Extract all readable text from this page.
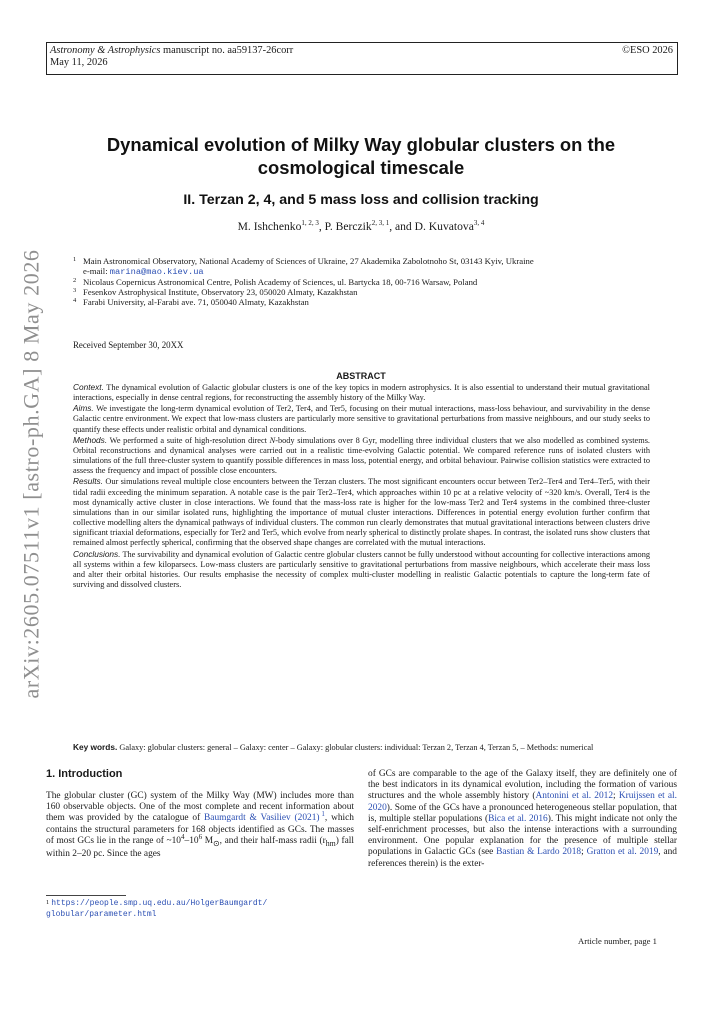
Astronomy & Astrophysics manuscript no. aa59137-26corr
May 11, 2026
©ESO 2026
arXiv:2605.07511v1 [astro-ph.GA] 8 May 2026
Dynamical evolution of Milky Way globular clusters on the
cosmological timescale
II. Terzan 2, 4, and 5 mass loss and collision tracking
M. Ishchenko$^{1, 2, 3}$, P. Berczik$^{2, 3, 1}$, and D. Kuvatova$^{3, 4}$
1 Main Astronomical Observatory, National Academy of Sciences of Ukraine, 27 Akademika Zabolotnoho St, 03143 Kyiv, Ukraine
e-mail: marina@mao.kiev.ua
2 Nicolaus Copernicus Astronomical Centre, Polish Academy of Sciences, ul. Bartycka 18, 00-716 Warsaw, Poland
3 Fesenkov Astrophysical Institute, Observatory 23, 050020 Almaty, Kazakhstan
4 Farabi University, al-Farabi ave. 71, 050040 Almaty, Kazakhstan
Received September 30, 20XX
ABSTRACT

Context. The dynamical evolution of Galactic globular clusters is one of the key topics in modern astrophysics. It is also essential to understand their mutual gravitational interactions, especially in dense central regions, for reconstructing the assembly history of the Milky Way.

Aims. We investigate the long-term dynamical evolution of Ter2, Ter4, and Ter5, focusing on their mutual interactions, mass-loss behaviour, and survivability in the dense Galactic centre environment. We expect that low-mass clusters are particularly more sensitive to gravitational perturbations from massive neighbours, and our study seeks to quantify these effects under realistic orbital and dynamical conditions.

Methods. We performed a suite of high-resolution direct N-body simulations over 8 Gyr, modelling three individual clusters that we also modelled as combined systems. Orbital reconstructions and dynamical analyses were carried out in a realistic time-evolving Galactic potential. We compared reference runs of isolated clusters with simulations of the full three-cluster system to quantify possible differences in mass loss, potential energy, and orbital behaviour. Pairwise collision statistics were extracted to assess the frequency and impact of possible close encounters.

Results. Our simulations reveal multiple close encounters between the Terzan clusters. The most significant encounters occur between Ter2–Ter4 and Ter4–Ter5, with their tidal radii exceeding the minimum separation. A notable case is the pair Ter2–Ter4, which approaches within 10 pc at a relative velocity of ~320 km/s. Overall, Ter4 is the most dynamically active cluster in close interactions. We found that the mass-loss rate is higher for the low-mass Ter2 and Ter4 systems in the combined three-cluster simulations than in our similar isolated runs, highlighting the importance of mutual cluster interactions. Differences in potential energy evolution further confirm that collective modelling alters the dynamical pathways of individual clusters. The common run clearly demonstrates that mutual gravitational interactions between clusters drive significant triaxial deformations, especially for Ter2 and Ter5, which evolve from nearly spherical to distinctly prolate shapes. In contrast, the isolated runs show clusters that remained almost perfectly spherical, confirming that the observed shape changes are correlated with the mutual interactions.

Conclusions. The survivability and dynamical evolution of Galactic centre globular clusters cannot be fully understood without accounting for collective interactions among all systems within a few kiloparsecs. Low-mass clusters are particularly sensitive to gravitational perturbations from massive neighbours, which accelerate their mass loss and alter their orbital histories. Our results emphasise the necessity of complex multi-cluster modelling in realistic Galactic potentials to capture the long-term fate of surviving and dissolved clusters.

Key words. Galaxy: globular clusters: general – Galaxy: center – Galaxy: globular clusters: individual: Terzan 2, Terzan 4, Terzan 5, – Methods: numerical
1. Introduction
The globular cluster (GC) system of the Milky Way (MW) includes more than 160 observable objects. One of the most complete and recent information about them was provided by the catalogue of Baumgardt & Vasiliev (2021)  $^1$, which contains the structural parameters for 168 objects identified as GCs. The masses of most GCs lie in the range of $\sim 10^4-10^6$ $M_⊙$, and their half-mass radii $(r_{hm})$ fall within 2–20 pc. Since the ages
of GCs are comparable to the age of the Galaxy itself, they are definitely one of the best indicators in its dynamical evolution, including the formation of various structures and the whole assembly history (Antonini et al. 2012; Kruijssen et al. 2020). Some of the GCs have a pronounced heterogeneous stellar population, that is, multiple stellar populations (Bica et al. 2016). This might indicate not only the self-enrichment processes, but also the intense interactions with a surrounding environment. One popular explanation for the presence of multiple stellar populations in Galactic GCs (see Bastian & Lardo 2018; Gratton et al. 2019, and references therein) is the exter-
$^1$ https://people.smp.uq.edu.au/HolgerBaumgardt/
globular/parameter.html
Article number, page 1
